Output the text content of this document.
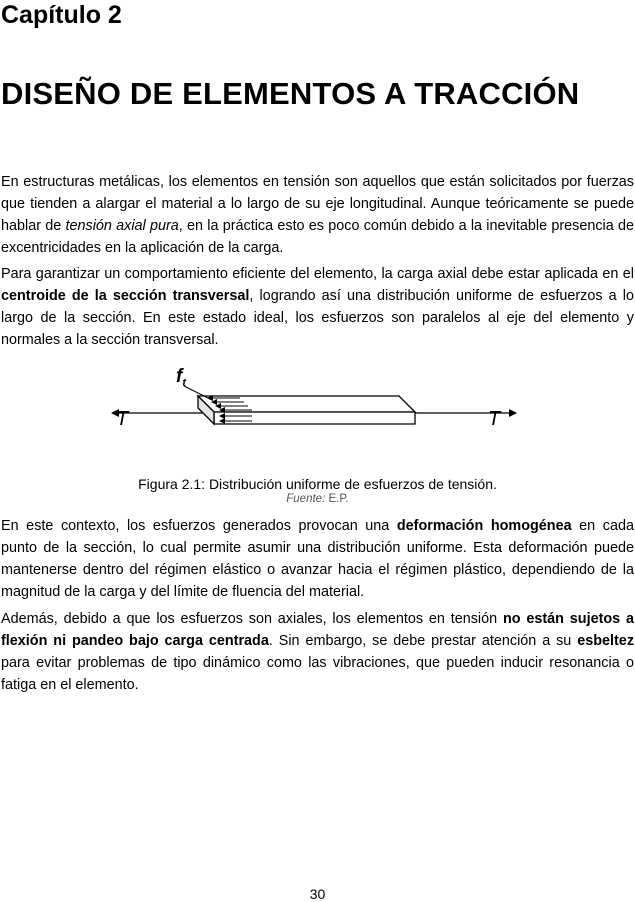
Capítulo 2
DISEÑO DE ELEMENTOS A TRACCIÓN

En estructuras metálicas, los elementos en tensión son aquellos que están solicitados por fuerzas que tienden a alargar el material a lo largo de su eje longitudinal. Aunque teóricamente se puede hablar de tensión axial pura, en la práctica esto es poco común debido a la inevitable presencia de excentricidades en la aplicación de la carga.

Para garantizar un comportamiento eficiente del elemento, la carga axial debe estar aplicada en el centroide de la sección transversal, logrando así una distribución uniforme de esfuerzos a lo largo de la sección. En este estado ideal, los esfuerzos son paralelos al eje del elemento y normales a la sección transversal.

T	T
$f_t$
Figura 2.1: Distribución uniforme de esfuerzos de tensión.
Fuente: E.P.

En este contexto, los esfuerzos generados provocan una deformación homogénea en cada punto de la sección, lo cual permite asumir una distribución uniforme. Esta deformación puede mantenerse dentro del régimen elástico o avanzar hacia el régimen plástico, dependiendo de la magnitud de la carga y del límite de fluencia del material.

Además, debido a que los esfuerzos son axiales, los elementos en tensión no están sujetos a flexión ni pandeo bajo carga centrada. Sin embargo, se debe prestar atención a su esbeltez para evitar problemas de tipo dinámico como las vibraciones, que pueden inducir resonancia o fatiga en el elemento.

30
